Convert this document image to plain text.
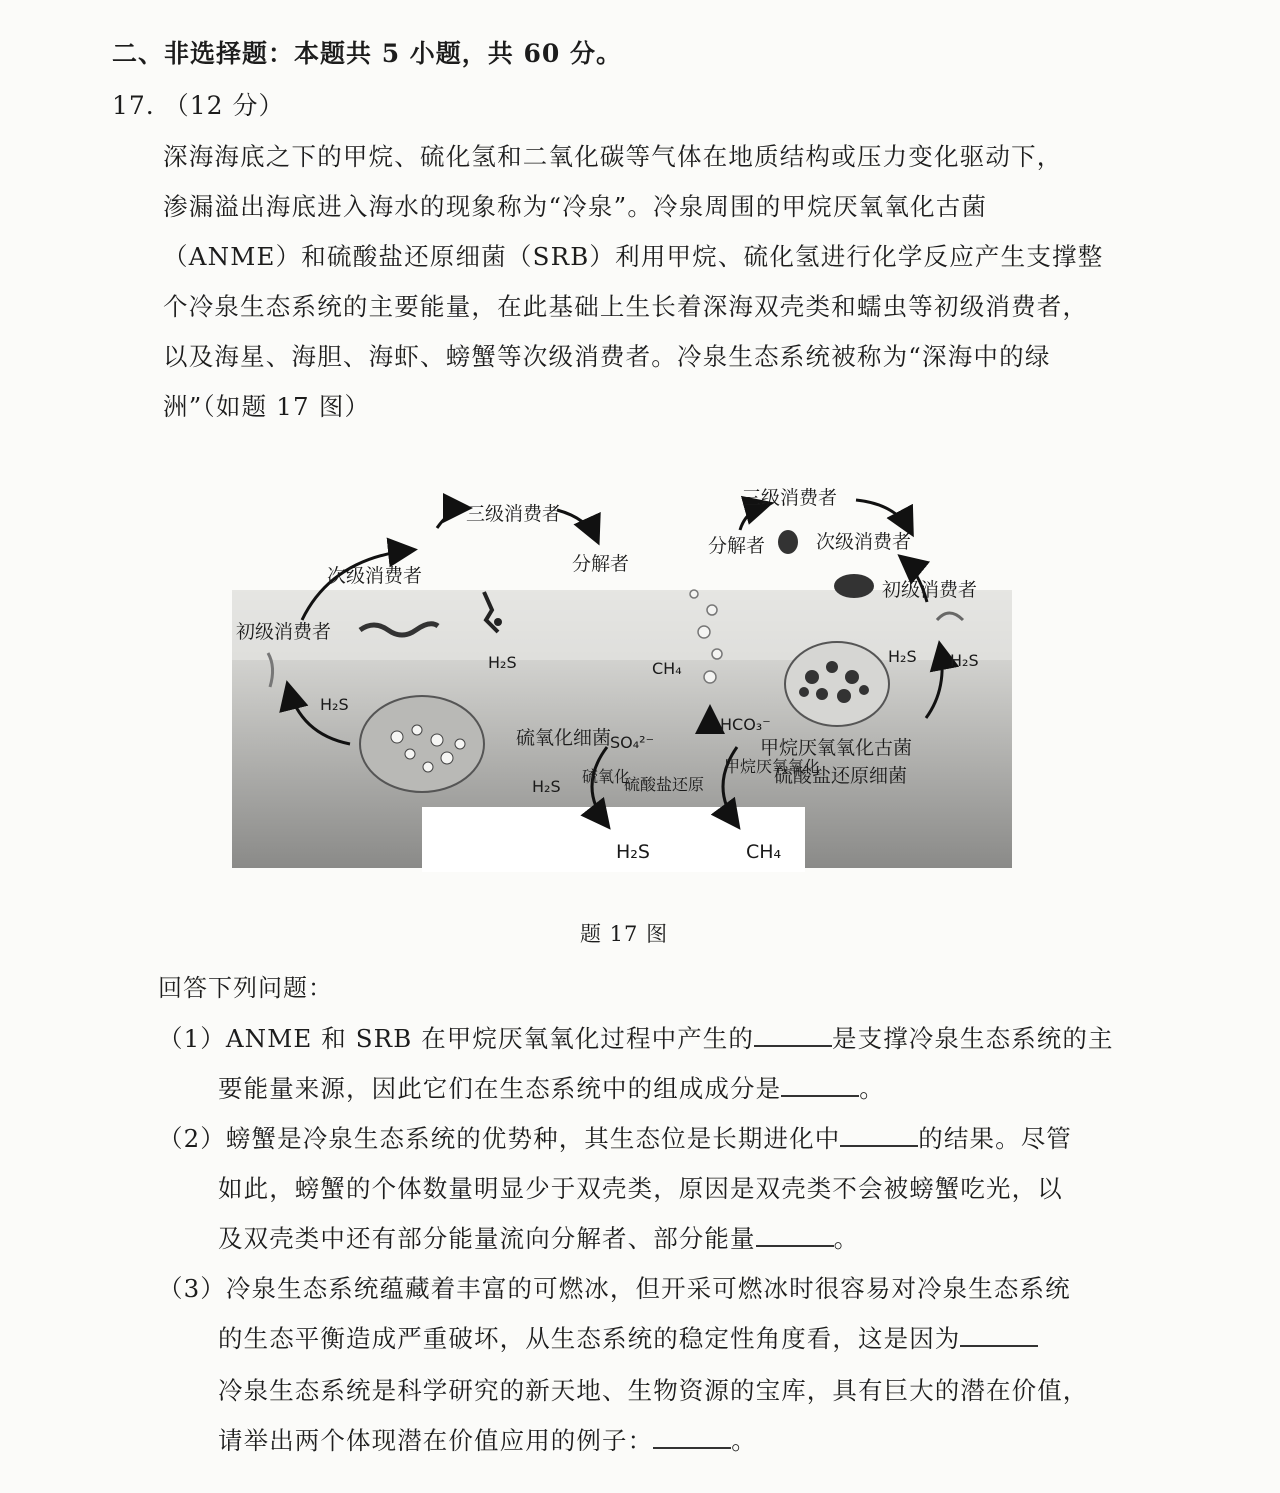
二、非选择题：本题共 5 小题，共 60 分。
17. （12 分）
深海海底之下的甲烷、硫化氢和二氧化碳等气体在地质结构或压力变化驱动下，
渗漏溢出海底进入海水的现象称为“冷泉”。冷泉周围的甲烷厌氧氧化古菌
（ANME）和硫酸盐还原细菌（SRB）利用甲烷、硫化氢进行化学反应产生支撑整
个冷泉生态系统的主要能量，在此基础上生长着深海双壳类和蠕虫等初级消费者，
以及海星、海胆、海虾、螃蟹等次级消费者。冷泉生态系统被称为“深海中的绿
洲”（如题 17 图）
三级消费者
分解者
次级消费者
初级消费者
H₂S
H₂S
三级消费者
分解者	次级消费者
初级消费者
H₂S H₂S
CH₄
HCO₃⁻
SO₄²⁻
硫氧化细菌
H₂S
硫氧化
硫酸盐还原
甲烷厌氧氧化
甲烷厌氧氧化古菌
硫酸盐还原细菌
H₂S	CH₄
题 17 图
回答下列问题：
（1）ANME 和 SRB 在甲烷厌氧氧化过程中产生的	是支撑冷泉生态系统的主
要能量来源，因此它们在生态系统中的组成成分是	。
（2）螃蟹是冷泉生态系统的优势种，其生态位是长期进化中	的结果。尽管
如此，螃蟹的个体数量明显少于双壳类，原因是双壳类不会被螃蟹吃光，以
及双壳类中还有部分能量流向分解者、部分能量	。
（3）冷泉生态系统蕴藏着丰富的可燃冰，但开采可燃冰时很容易对冷泉生态系统
的生态平衡造成严重破坏，从生态系统的稳定性角度看，这是因为
冷泉生态系统是科学研究的新天地、生物资源的宝库，具有巨大的潜在价值，
请举出两个体现潜在价值应用的例子：	。
